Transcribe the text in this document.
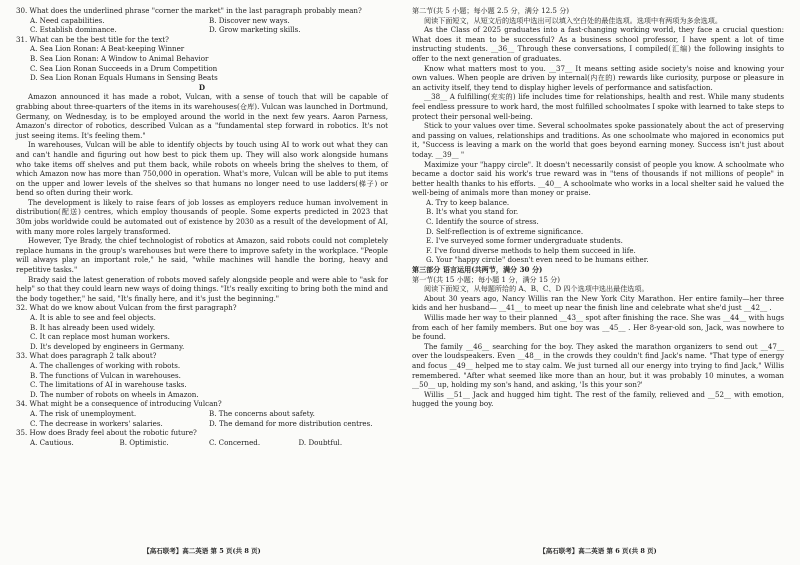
30. What does the underlined phrase "corner the market" in the last paragraph probably mean?
A. Need capabilities.	B. Discover new ways.
C. Establish dominance.	D. Grow marketing skills.
31. What can be the best title for the text?
A. Sea Lion Ronan: A Beat-keeping Winner
B. Sea Lion Ronan: A Window to Animal Behavior
C. Sea Lion Ronan Succeeds in a Drum Competition
D. Sea Lion Ronan Equals Humans in Sensing Beats
D
Amazon announced it has made a robot, Vulcan, with a sense of touch that will be capable of grabbing about three-quarters of the items in its warehouses(仓库). Vulcan was launched in Dortmund, Germany, on Wednesday, is to be employed around the world in the next few years. Aaron Parness, Amazon's director of robotics, described Vulcan as a "fundamental step forward in robotics. It's not just seeing items. It's feeling them."
In warehouses, Vulcan will be able to identify objects by touch using AI to work out what they can and can't handle and figuring out how best to pick them up. They will also work alongside humans who take items off shelves and put them back, while robots on wheels bring the shelves to them, of which Amazon now has more than 750,000 in operation. What's more, Vulcan will be able to put items on the upper and lower levels of the shelves so that humans no longer need to use ladders(梯子) or bend so often during their work.
The development is likely to raise fears of job losses as employers reduce human involvement in distribution(配送) centres, which employ thousands of people. Some experts predicted in 2023 that 30m jobs worldwide could be automated out of existence by 2030 as a result of the development of AI, with many more roles largely transformed.
However, Tye Brady, the chief technologist of robotics at Amazon, said robots could not completely replace humans in the group's warehouses but were there to improve safety in the workplace. "People will always play an important role," he said, "while machines will handle the boring, heavy and repetitive tasks."
Brady said the latest generation of robots moved safely alongside people and were able to "ask for help" so that they could learn new ways of doing things. "It's really exciting to bring both the mind and the body together," he said, "It's finally here, and it's just the beginning."
32. What do we know about Vulcan from the first paragraph?
A. It is able to see and feel objects.
B. It has already been used widely.
C. It can replace most human workers.
D. It's developed by engineers in Germany.
33. What does paragraph 2 talk about?
A. The challenges of working with robots.
B. The functions of Vulcan in warehouses.
C. The limitations of AI in warehouse tasks.
D. The number of robots on wheels in Amazon.
34. What might be a consequence of introducing Vulcan?
A. The risk of unemployment.	B. The concerns about safety.
C. The decrease in workers' salaries.	D. The demand for more distribution centres.
35. How does Brady feel about the robotic future?
A. Cautious.	B. Optimistic.	C. Concerned.	D. Doubtful.
第二节(共 5 小题；每小题 2.5 分，满分 12.5 分)
阅读下面短文，从短文后的选项中选出可以填入空白处的最佳选项。选项中有两项为多余选项。
As the Class of 2025 graduates into a fast-changing working world, they face a crucial question: What does it mean to be successful? As a business school professor, I have spent a lot of time instructing students. __36__ Through these conversations, I compiled(汇编) the following insights to offer to the next generation of graduates.
Know what matters most to you. __37__ It means setting aside society's noise and knowing your own values. When people are driven by internal(内在的) rewards like curiosity, purpose or pleasure in an activity itself, they tend to display higher levels of performance and satisfaction.
__38__ A fulfilling(充实的) life includes time for relationships, health and rest. While many students feel endless pressure to work hard, the most fulfilled schoolmates I spoke with learned to take steps to protect their personal well-being.
Stick to your values over time. Several schoolmates spoke passionately about the act of preserving and passing on values, relationships and traditions. As one schoolmate who majored in economics put it, "Success is leaving a mark on the world that goes beyond earning money. Success isn't just about today. __39__ "
Maximize your "happy circle". It doesn't necessarily consist of people you know. A schoolmate who became a doctor said his work's true reward was in "tens of thousands if not millions of people" in better health thanks to his efforts. __40__ A schoolmate who works in a local shelter said he valued the well-being of animals more than money or praise.
A. Try to keep balance.
B. It's what you stand for.
C. Identify the source of stress.
D. Self-reflection is of extreme significance.
E. I've surveyed some former undergraduate students.
F. I've found diverse methods to help them succeed in life.
G. Your "happy circle" doesn't even need to be humans either.
第三部分 语言运用(共两节，满分 30 分)
第一节(共 15 小题；每小题 1 分，满分 15 分)
阅读下面短文，从每题所给的 A、B、C、D 四个选项中选出最佳选项。
About 30 years ago, Nancy Willis ran the New York City Marathon. Her entire family—her three kids and her husband— __41__ to meet up near the finish line and celebrate what she'd just __42__ .
Willis made her way to their planned __43__ spot after finishing the race. She was __44__ with hugs from each of her family members. But one boy was __45__ . Her 8-year-old son, Jack, was nowhere to be found.
The family __46__ searching for the boy. They asked the marathon organizers to send out __47__ over the loudspeakers. Even __48__ in the crowds they couldn't find Jack's name. "That type of energy and focus __49__ helped me to stay calm. We just turned all our energy into trying to find Jack," Willis remembered. "After what seemed like more than an hour, but it was probably 10 minutes, a woman __50__ up, holding my son's hand, and asking, 'Is this your son?'
Willis __51__ Jack and hugged him tight. The rest of the family, relieved and __52__ with emotion, hugged the young boy.
【高石联考】高二英语 第 5 页(共 8 页)	【高石联考】高二英语 第 6 页(共 8 页)
